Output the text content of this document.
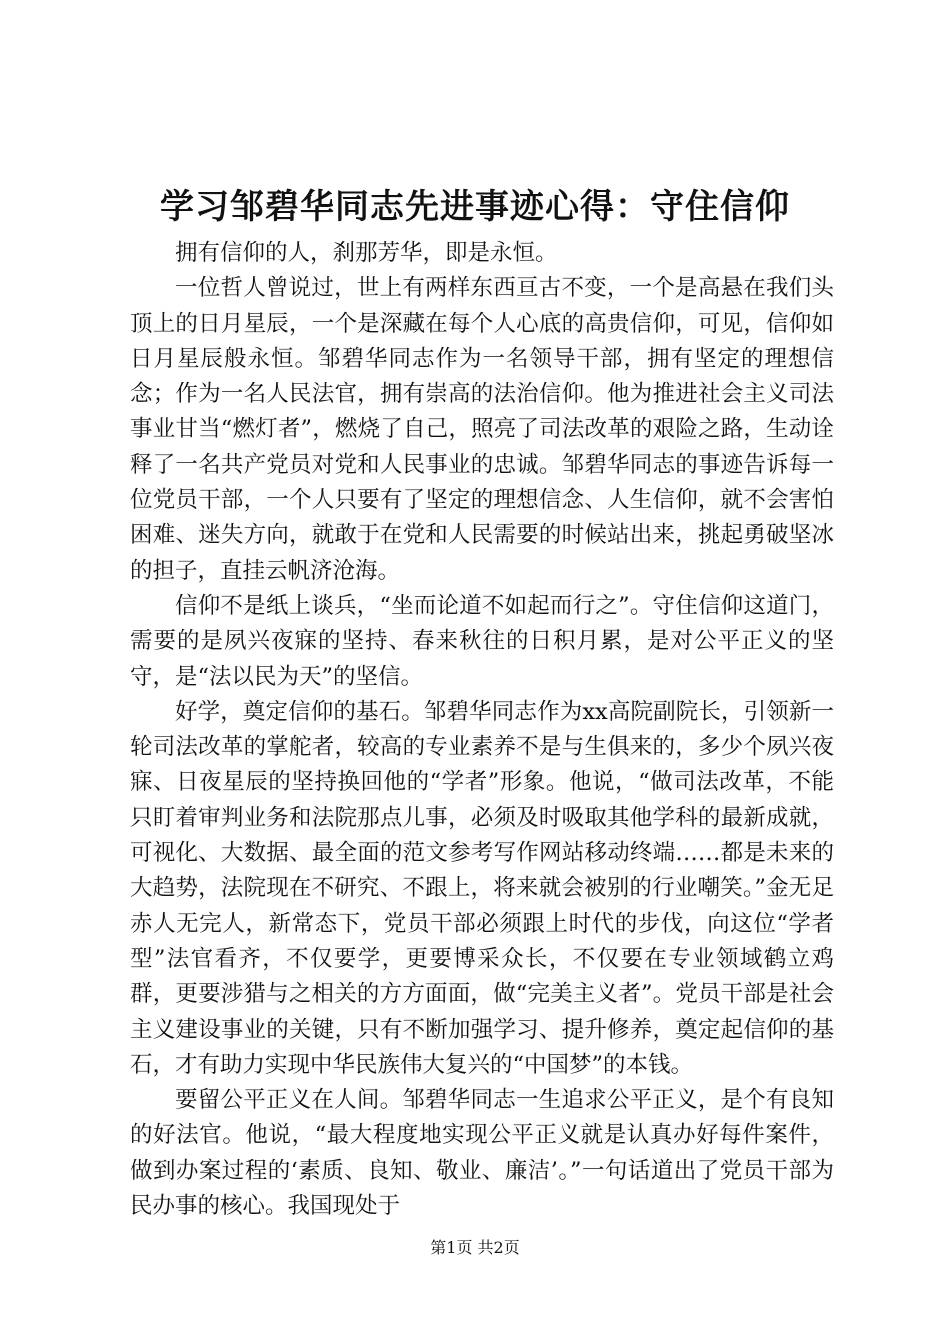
学习邹碧华同志先进事迹心得：守住信仰

拥有信仰的人，刹那芳华，即是永恒。

一位哲人曾说过，世上有两样东西亘古不变，一个是高悬在我们头顶上的日月星辰，一个是深藏在每个人心底的高贵信仰，可见，信仰如日月星辰般永恒。邹碧华同志作为一名领导干部，拥有坚定的理想信念；作为一名人民法官，拥有崇高的法治信仰。他为推进社会主义司法事业甘当“燃灯者”，燃烧了自己，照亮了司法改革的艰险之路，生动诠释了一名共产党员对党和人民事业的忠诚。邹碧华同志的事迹告诉每一位党员干部，一个人只要有了坚定的理想信念、人生信仰，就不会害怕困难、迷失方向，就敢于在党和人民需要的时候站出来，挑起勇破坚冰的担子，直挂云帆济沧海。

信仰不是纸上谈兵，“坐而论道不如起而行之”。守住信仰这道门，需要的是夙兴夜寐的坚持、春来秋往的日积月累，是对公平正义的坚守，是“法以民为天”的坚信。

好学，奠定信仰的基石。邹碧华同志作为xx高院副院长，引领新一轮司法改革的掌舵者，较高的专业素养不是与生俱来的，多少个夙兴夜寐、日夜星辰的坚持换回他的“学者”形象。他说，“做司法改革，不能只盯着审判业务和法院那点儿事，必须及时吸取其他学科的最新成就，可视化、大数据、最全面的范文参考写作网站移动终端……都是未来的大趋势，法院现在不研究、不跟上，将来就会被别的行业嘲笑。”金无足赤人无完人，新常态下，党员干部必须跟上时代的步伐，向这位“学者型”法官看齐，不仅要学，更要博采众长，不仅要在专业领域鹤立鸡群，更要涉猎与之相关的方方面面，做“完美主义者”。党员干部是社会主义建设事业的关键，只有不断加强学习、提升修养，奠定起信仰的基石，才有助力实现中华民族伟大复兴的“中国梦”的本钱。

要留公平正义在人间。邹碧华同志一生追求公平正义，是个有良知的好法官。他说，“最大程度地实现公平正义就是认真办好每件案件，做到办案过程的‘素质、良知、敬业、廉洁’。”一句话道出了党员干部为民办事的核心。我国现处于

第1页 共2页
